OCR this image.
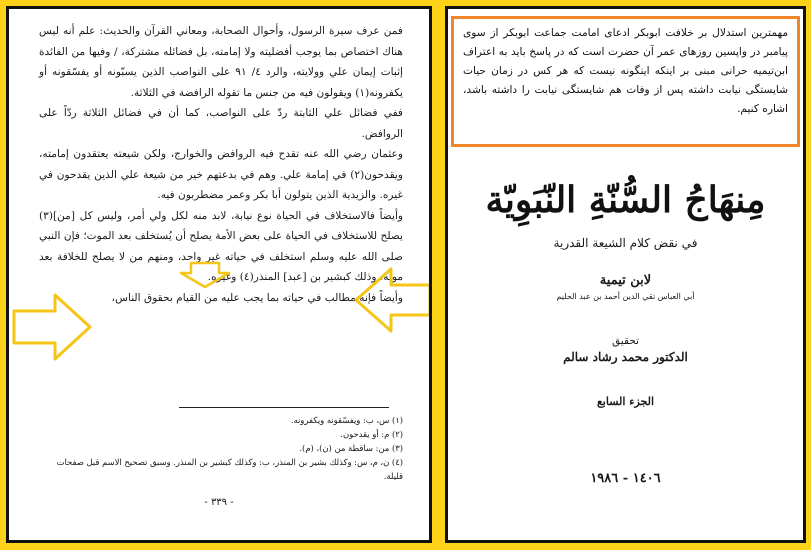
فمن عرف سيرة الرسول، وأحوال الصحابة، ومعاني القرآن والحديث: علم أنه ليس هناك اختصاص بما يوجب أفضليته ولا إمامته، بل فضائله مشتركة، / وفيها من الفائدة إثبات إيمان علي وولايته، والرد ٤/ ٩١ على النواصب الذين يسبّونه أو يفسّقونه أو يكفرونه(١) ويقولون فيه من جنس ما تقوله الرافضة في الثلاثة.

ففي فضائل علي الثابتة ردّ على النواصب، كما أن في فضائل الثلاثة ردّاً على الروافض.

وعثمان رضي الله عنه تقدح فيه الروافض والخوارج، ولكن شيعته يعتقدون إمامته، ويقدحون(٢) في إمامة علي. وهم في بدعتهم خير من شيعة علي الذين يقدحون في غيره. والزيدية الذين يتولون أبا بكر وعمر مضطربون فيه.

وأيضاً فالاستخلاف في الحياة نوع نيابة، لابد منه لكل ولي أمر، وليس كل [من](٣) يصلح للاستخلاف في الحياة على بعض الأمة يصلح أن يُستخلف بعد الموت؛ فإن النبي صلى الله عليه وسلم استخلف في حياته غير واحد، ومنهم من لا يصلح للخلافة بعد موته، وذلك كبشير بن [عبد] المنذر(٤) وغيره.

وأيضاً فإنه مطالب في حياته بما يجب عليه من القيام بحقوق الناس،

(١) س، ب: ويفسّقونه ويكفرونه.

(٢) م: أو يقدحون.

(٣) من: ساقطة من (ن)، (م).

(٤) ن، م، س: وكذلك بشير بن المنذر، ب: وكذلك كبشير بن المنذر. وسبق تصحيح الاسم قبل صفحات قليلة.

- ٣٣٩ -
مهمترین استدلال بر خلافت ابوبکر ادعای امامت جماعت ابوبکر از سوی پیامبر در واپسین روزهای عمر آن حضرت است که در پاسخ باید به اعتراف ابن‌تیمیه حرانی مبنی بر اینکه اینگونه نیست که هر کس در زمان حیات شایستگی نیابت داشته پس از وفات هم شایستگی نیابت را داشته باشد، اشاره کنیم.
مِنهَاجُ السُّنّةِ النّبَوِيّة
في نقض كلام الشيعة القدرية
لابن تيمية
أبي العباس تقي الدين أحمد بن عبد الحليم
تحقيق
الدكتور محمد رشاد سالم
الجزء السابع
١٤٠٦ - ١٩٨٦
